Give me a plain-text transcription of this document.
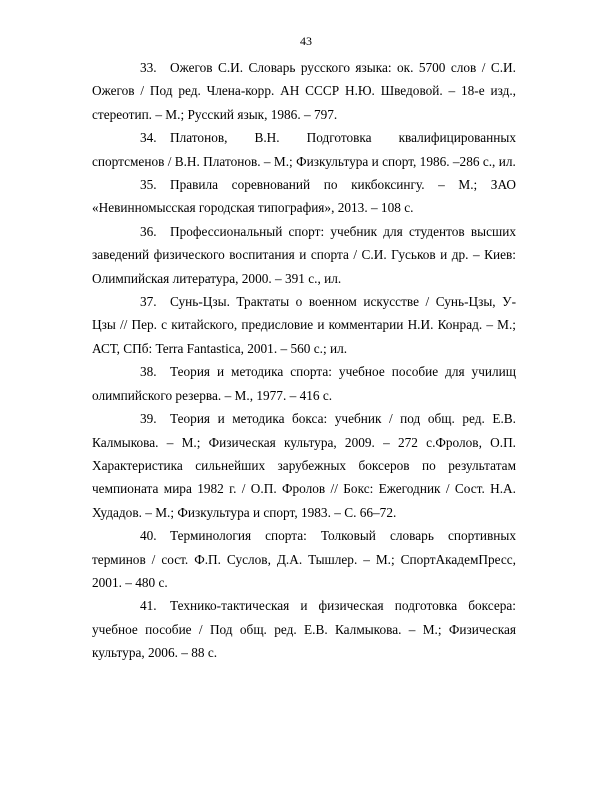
43

33. Ожегов С.И. Словарь русского языка: ок. 5700 слов / С.И. Ожегов / Под ред. Члена-корр. АН СССР Н.Ю. Шведовой. – 18-е изд., стереотип. – М.; Русский язык, 1986. – 797.

34. Платонов, В.Н. Подготовка квалифицированных спортсменов / В.Н. Платонов. – М.; Физкультура и спорт, 1986. –286 с., ил.

35. Правила соревнований по кикбоксингу. – М.; ЗАО «Невинномысская городская типография», 2013. – 108 с.

36. Профессиональный спорт: учебник для студентов высших заведений физического воспитания и спорта / С.И. Гуськов и др. – Киев: Олимпийская литература, 2000. – 391 с., ил.

37. Сунь-Цзы. Трактаты о военном искусстве / Сунь-Цзы, У-Цзы // Пер. с китайского, предисловие и комментарии Н.И. Конрад. – М.; АСТ, СПб: Terra Fantastica, 2001. – 560 с.; ил.

38. Теория и методика спорта: учебное пособие для училищ олимпийского резерва. – М., 1977. – 416 с.

39. Теория и методика бокса: учебник / под общ. ред. Е.В. Калмыкова. – М.; Физическая культура, 2009. – 272 с.Фролов, О.П. Характеристика сильнейших зарубежных боксеров по результатам чемпионата мира 1982 г. / О.П. Фролов // Бокс: Ежегодник / Сост. Н.А. Худадов. – М.; Физкультура и спорт, 1983. – С. 66–72.

40. Терминология спорта: Толковый словарь спортивных терминов / сост. Ф.П. Суслов, Д.А. Тышлер. – М.; СпортАкадемПресс, 2001. – 480 с.

41. Технико-тактическая и физическая подготовка боксера: учебное пособие / Под общ. ред. Е.В. Калмыкова. – М.; Физическая культура, 2006. – 88 с.
